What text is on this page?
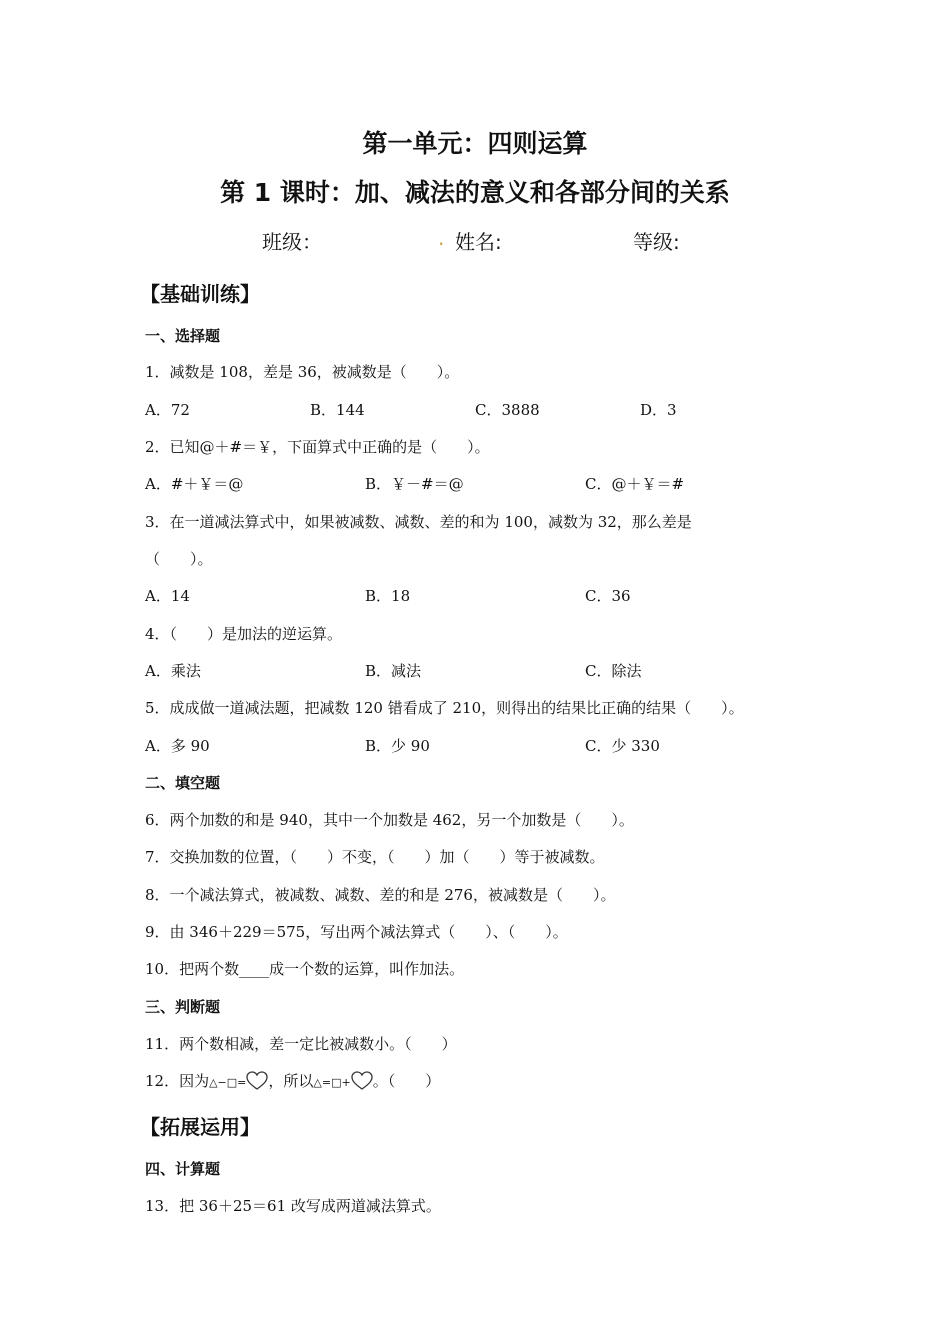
第一单元：四则运算
第 1 课时：加、减法的意义和各部分间的关系
班级：	. 姓名:	等级:
【基础训练】
一、选择题
1．减数是 108，差是 36，被减数是（　　）。
A．72	B．144	C．3888	D．3
2．已知@＋#＝￥，下面算式中正确的是（　　）。
A．#＋￥＝@	B．￥－#＝@	C．@＋￥＝#
3．在一道减法算式中，如果被减数、减数、差的和为 100，减数为 32，那么差是
（　　）。
A．14	B．18	C．36
4．（　　）是加法的逆运算。
A．乘法	B．减法	C．除法
5．成成做一道减法题，把减数 120 错看成了 210，则得出的结果比正确的结果（　　）。
A．多 90	B．少 90	C．少 330
二、填空题
6．两个加数的和是 940，其中一个加数是 462，另一个加数是（　　）。
7．交换加数的位置，（　　）不变，（　　）加（　　）等于被减数。
8．一个减法算式，被减数、减数、差的和是 276，被减数是（　　）。
9．由 346＋229＝575，写出两个减法算式（　　）、（　　）。
10．把两个数____成一个数的运算，叫作加法。
三、判断题
11．两个数相减，差一定比被减数小。（　　）
12．因为△−□= ，所以△=□+ 。（　　）
【拓展运用】
四、计算题
13．把 36＋25＝61 改写成两道减法算式。
